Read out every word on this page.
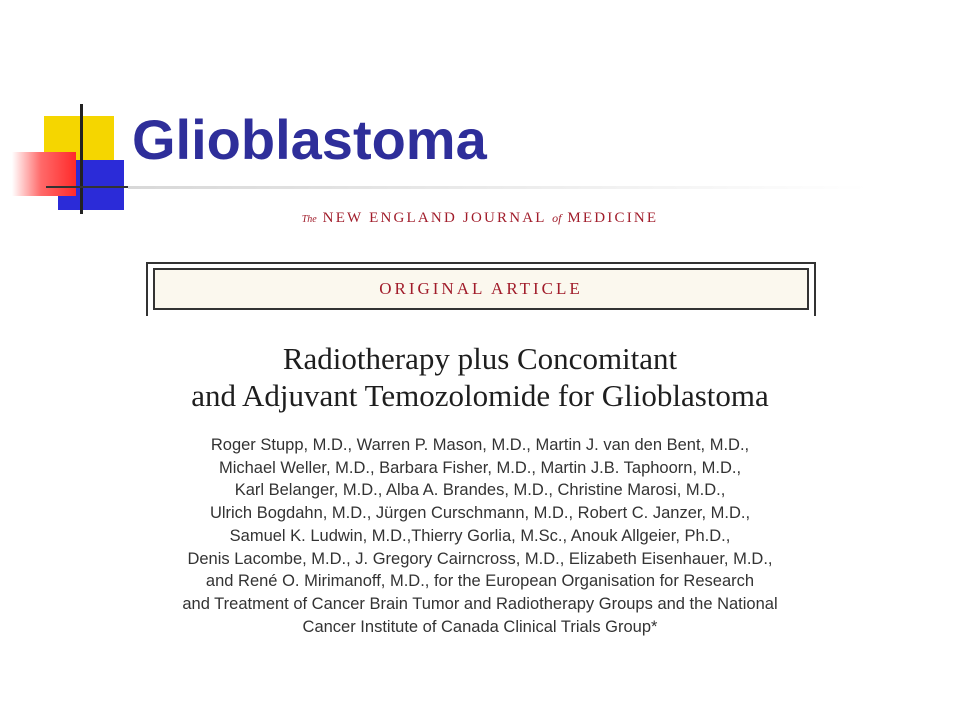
Glioblastoma
The NEW ENGLAND JOURNAL of MEDICINE
ORIGINAL ARTICLE
Radiotherapy plus Concomitant
and Adjuvant Temozolomide for Glioblastoma

Roger Stupp, M.D., Warren P. Mason, M.D., Martin J. van den Bent, M.D.,
Michael Weller, M.D., Barbara Fisher, M.D., Martin J.B. Taphoorn, M.D.,
Karl Belanger, M.D., Alba A. Brandes, M.D., Christine Marosi, M.D.,
Ulrich Bogdahn, M.D., Jürgen Curschmann, M.D., Robert C. Janzer, M.D.,
Samuel K. Ludwin, M.D.,Thierry Gorlia, M.Sc., Anouk Allgeier, Ph.D.,
Denis Lacombe, M.D., J. Gregory Cairncross, M.D., Elizabeth Eisenhauer, M.D.,
and René O. Mirimanoff, M.D., for the European Organisation for Research
and Treatment of Cancer Brain Tumor and Radiotherapy Groups and the National
Cancer Institute of Canada Clinical Trials Group*
